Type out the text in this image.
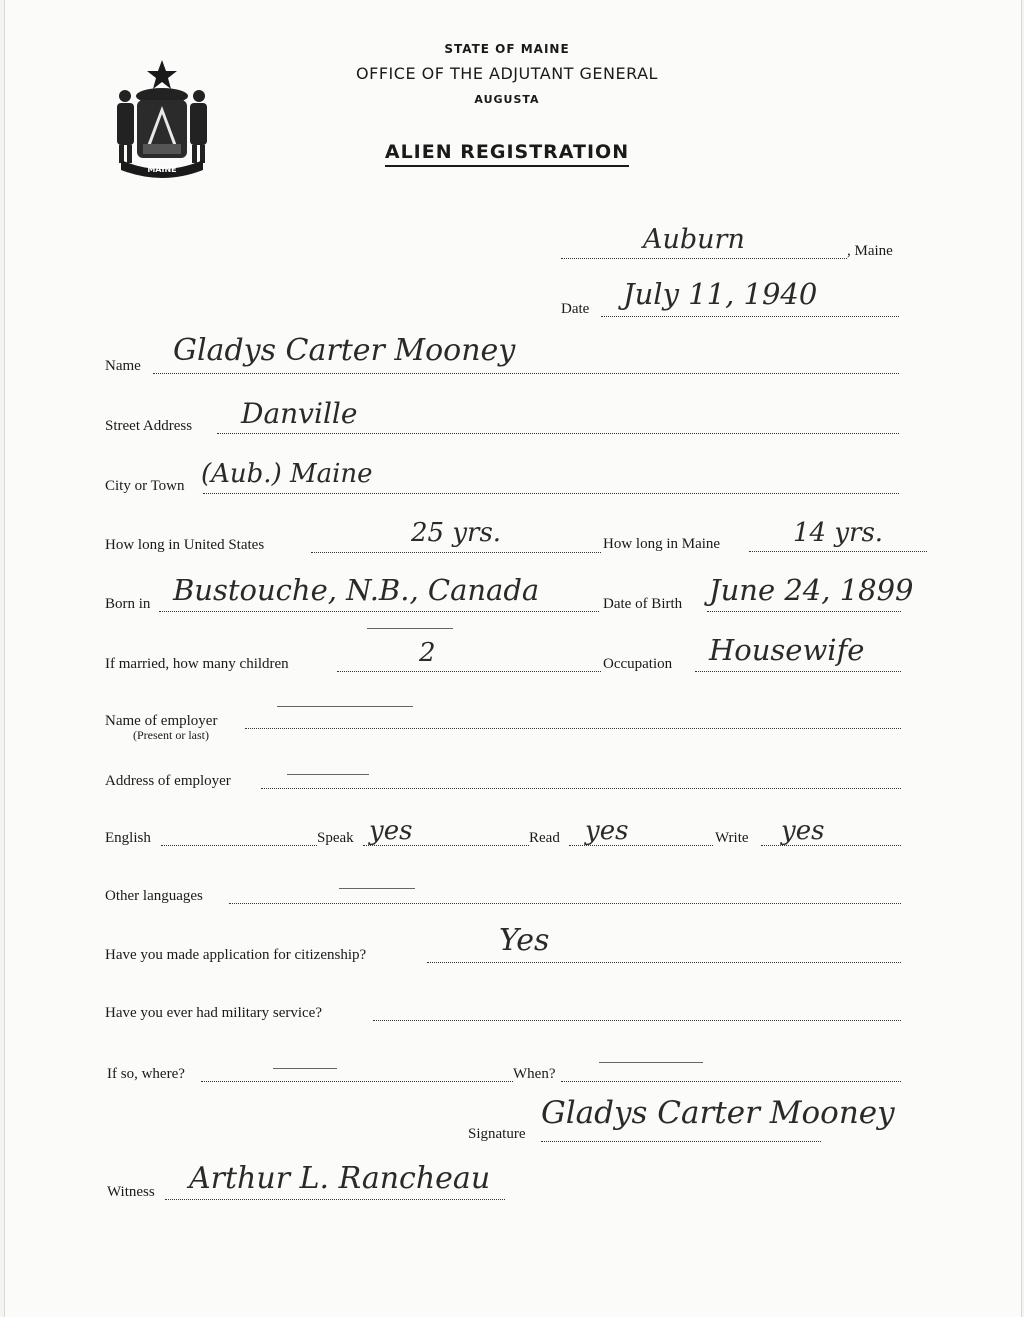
MAINE
STATE OF MAINE
OFFICE OF THE ADJUTANT GENERAL
AUGUSTA
ALIEN REGISTRATION
Auburn	, Maine
Date July 11, 1940
Name Gladys Carter Mooney
Street Address Danville
City or Town (Aub.) Maine
How long in United States	25 yrs.	How long in Maine	14 yrs.
Born in Bustouche, N.B., Canada	Date of Birth June 24, 1899
If married, how many children	2	Occupation Housewife
Name of employer
(Present or last)
Address of employer
English	Speak yes	Read yes	Write yes
Other languages
Have you made application for citizenship?	Yes
Have you ever had military service?
If so, where?	When?
Signature
Gladys Carter Mooney
Witness Arthur L. Rancheau
